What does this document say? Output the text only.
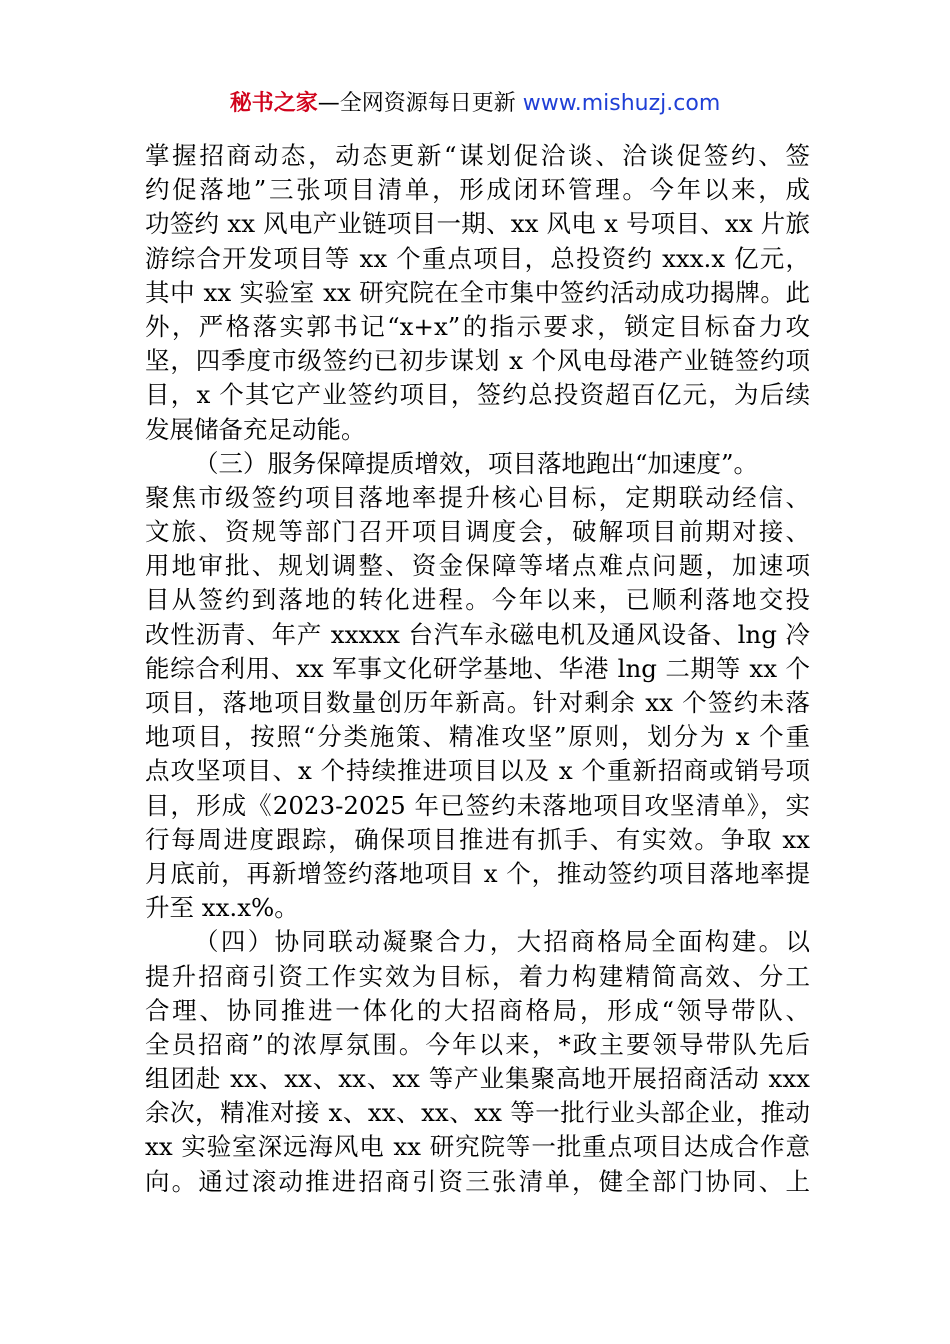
秘书之家—全网资源每日更新 www.mishuzj.com
掌握招商动态，动态更新“谋划促洽谈、洽谈促签约、签
约促落地”三张项目清单，形成闭环管理。今年以来，成
功签约 xx 风电产业链项目一期、xx 风电 x 号项目、xx 片旅
游综合开发项目等 xx 个重点项目，总投资约 xxx.x 亿元，
其中 xx 实验室 xx 研究院在全市集中签约活动成功揭牌。此
外，严格落实郭书记“x+x”的指示要求，锁定目标奋力攻
坚，四季度市级签约已初步谋划 x 个风电母港产业链签约项
目，x 个其它产业签约项目，签约总投资超百亿元，为后续
发展储备充足动能。
（三）服务保障提质增效，项目落地跑出“加速度”。
聚焦市级签约项目落地率提升核心目标，定期联动经信、
文旅、资规等部门召开项目调度会，破解项目前期对接、
用地审批、规划调整、资金保障等堵点难点问题，加速项
目从签约到落地的转化进程。今年以来，已顺利落地交投
改性沥青、年产 xxxxx 台汽车永磁电机及通风设备、lng 冷
能综合利用、xx 军事文化研学基地、华港 lng 二期等 xx 个
项目，落地项目数量创历年新高。针对剩余 xx 个签约未落
地项目，按照“分类施策、精准攻坚”原则，划分为 x 个重
点攻坚项目、x 个持续推进项目以及 x 个重新招商或销号项
目，形成《2023-2025 年已签约未落地项目攻坚清单》，实
行每周进度跟踪，确保项目推进有抓手、有实效。争取 xx
月底前，再新增签约落地项目 x 个，推动签约项目落地率提
升至 xx.x%。
（四）协同联动凝聚合力，大招商格局全面构建。以
提升招商引资工作实效为目标，着力构建精简高效、分工
合理、协同推进一体化的大招商格局，形成“领导带队、
全员招商”的浓厚氛围。今年以来，*政主要领导带队先后
组团赴 xx、xx、xx、xx 等产业集聚高地开展招商活动 xxx
余次，精准对接 x、xx、xx、xx 等一批行业头部企业，推动
xx 实验室深远海风电 xx 研究院等一批重点项目达成合作意
向。通过滚动推进招商引资三张清单，健全部门协同、上
